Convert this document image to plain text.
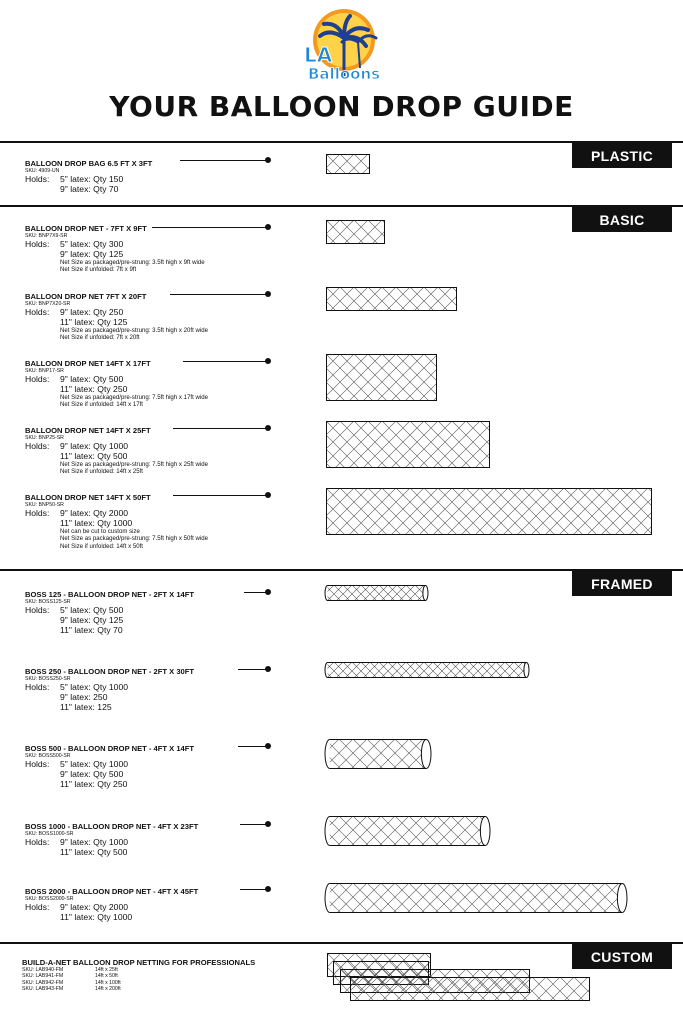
LA
Balloons
YOUR BALLOON DROP GUIDE
PLASTIC
BASIC
FRAMED
CUSTOM
BALLOON DROP BAG 6.5 FT X 3FT
SKU: 4909-UN
Holds:	5" latex: Qty 150
9" latex: Qty 70
BALLOON DROP NET - 7FT X 9FT
SKU: BNP7X9-SR
Holds:	5" latex: Qty 300
9" latex: Qty 125
Net Size as packaged/pre-strung: 3.5ft high x 9ft wide
Net Size if unfolded: 7ft x 9ft
BALLOON DROP NET 7FT X 20FT
SKU: BNP7X20-SR
Holds:	9" latex: Qty 250
11" latex: Qty 125
Net Size as packaged/pre-strung: 3.5ft high x 20ft wide
Net Size if unfolded: 7ft x 20ft
BALLOON DROP NET 14FT X 17FT
SKU: BNP17-SR
Holds:	9" latex: Qty 500
11" latex: Qty 250
Net Size as packaged/pre-strung: 7.5ft high x 17ft wide
Net Size if unfolded: 14ft x 17ft
BALLOON DROP NET 14FT X 25FT
SKU: BNP25-SR
Holds:	9" latex: Qty 1000
11" latex: Qty 500
Net Size as packaged/pre-strung: 7.5ft high x 25ft wide
Net Size if unfolded: 14ft x 25ft
BALLOON DROP NET 14FT X 50FT
SKU: BNP50-SR
Holds:	9" latex: Qty 2000
11" latex: Qty 1000
Net can be cut to custom size
Net Size as packaged/pre-strung: 7.5ft high x 50ft wide
Net Size if unfolded: 14ft x 50ft
BOSS 125 - BALLOON DROP NET - 2FT X 14FT
SKU: BOSS125-SR
Holds:	5" latex: Qty 500
9" latex: Qty 125
11" latex: Qty 70
BOSS 250 - BALLOON DROP NET - 2FT X 30FT
SKU: BOSS250-SR
Holds:	5" latex: Qty 1000
9" latex: 250
11" latex: 125
BOSS 500 - BALLOON DROP NET - 4FT X 14FT
SKU: BOSS500-SR
Holds:	5" latex: Qty 1000
9" latex: Qty 500
11" latex: Qty 250
BOSS 1000 - BALLOON DROP NET - 4FT X 23FT
SKU: BOSS1000-SR
Holds:	9" latex: Qty 1000
11" latex: Qty 500
BOSS 2000 - BALLOON DROP NET - 4FT X 45FT
SKU: BOSS2000-SR
Holds:	9" latex: Qty 2000
11" latex: Qty 1000
BUILD-A-NET BALLOON DROP NETTING FOR PROFESSIONALS
SKU: LAB940-FM	14ft x 25ft
SKU: LAB941-FM	14ft x 50ft
SKU: LAB942-FM	14ft x 100ft
SKU: LAB943-FM	14ft x 200ft
